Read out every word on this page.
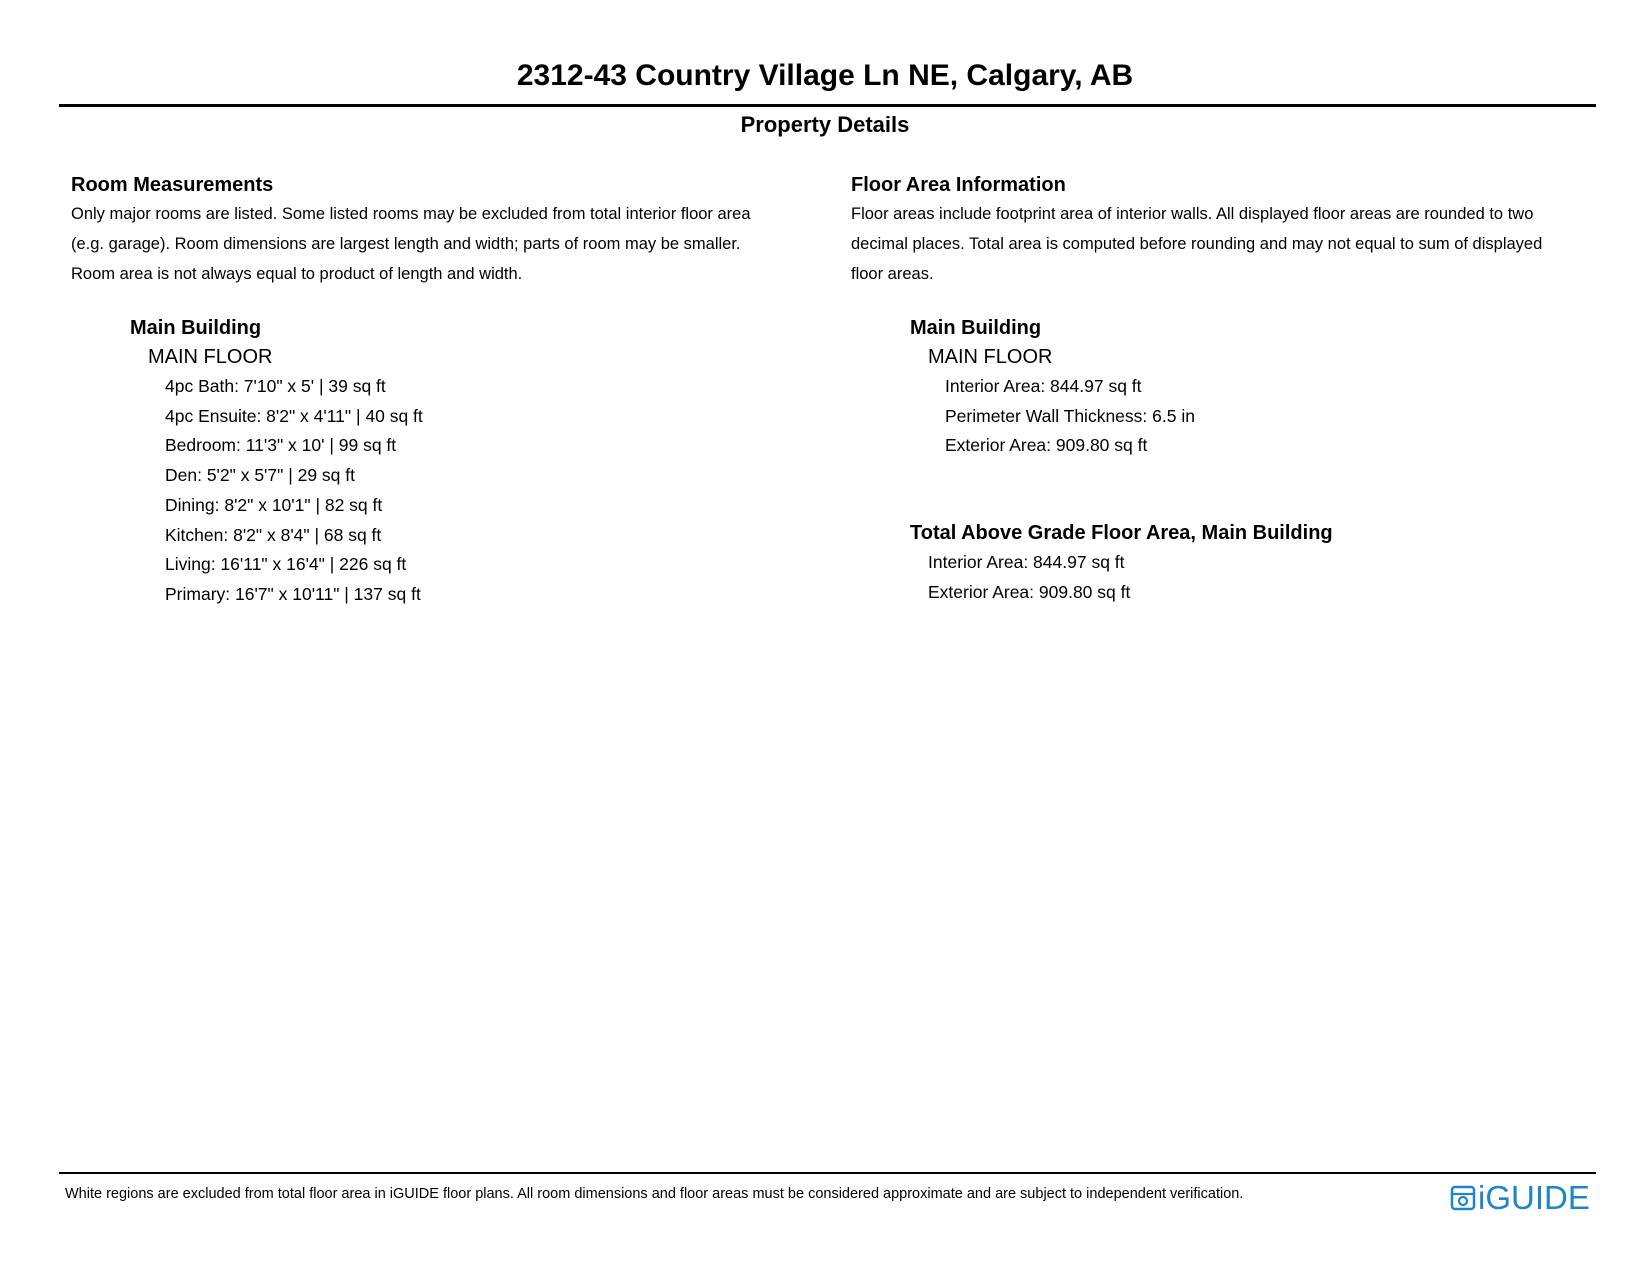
2312-43 Country Village Ln NE, Calgary, AB
Property Details

Room Measurements

Only major rooms are listed. Some listed rooms may be excluded from total interior floor area

(e.g. garage). Room dimensions are largest length and width; parts of room may be smaller.

Room area is not always equal to product of length and width.

Main Building

MAIN FLOOR

4pc Bath: 7'10" x 5' | 39 sq ft

4pc Ensuite: 8'2" x 4'11" | 40 sq ft

Bedroom: 11'3" x 10' | 99 sq ft

Den: 5'2" x 5'7" | 29 sq ft

Dining: 8'2" x 10'1" | 82 sq ft

Kitchen: 8'2" x 8'4" | 68 sq ft

Living: 16'11" x 16'4" | 226 sq ft

Primary: 16'7" x 10'11" | 137 sq ft

Floor Area Information

Floor areas include footprint area of interior walls. All displayed floor areas are rounded to two

decimal places. Total area is computed before rounding and may not equal to sum of displayed

floor areas.

Main Building

MAIN FLOOR

Interior Area: 844.97 sq ft

Perimeter Wall Thickness: 6.5 in

Exterior Area: 909.80 sq ft

Total Above Grade Floor Area, Main Building

Interior Area: 844.97 sq ft

Exterior Area: 909.80 sq ft

White regions are excluded from total floor area in iGUIDE floor plans. All room dimensions and floor areas must be considered approximate and are subject to independent verification.	iGUIDE
